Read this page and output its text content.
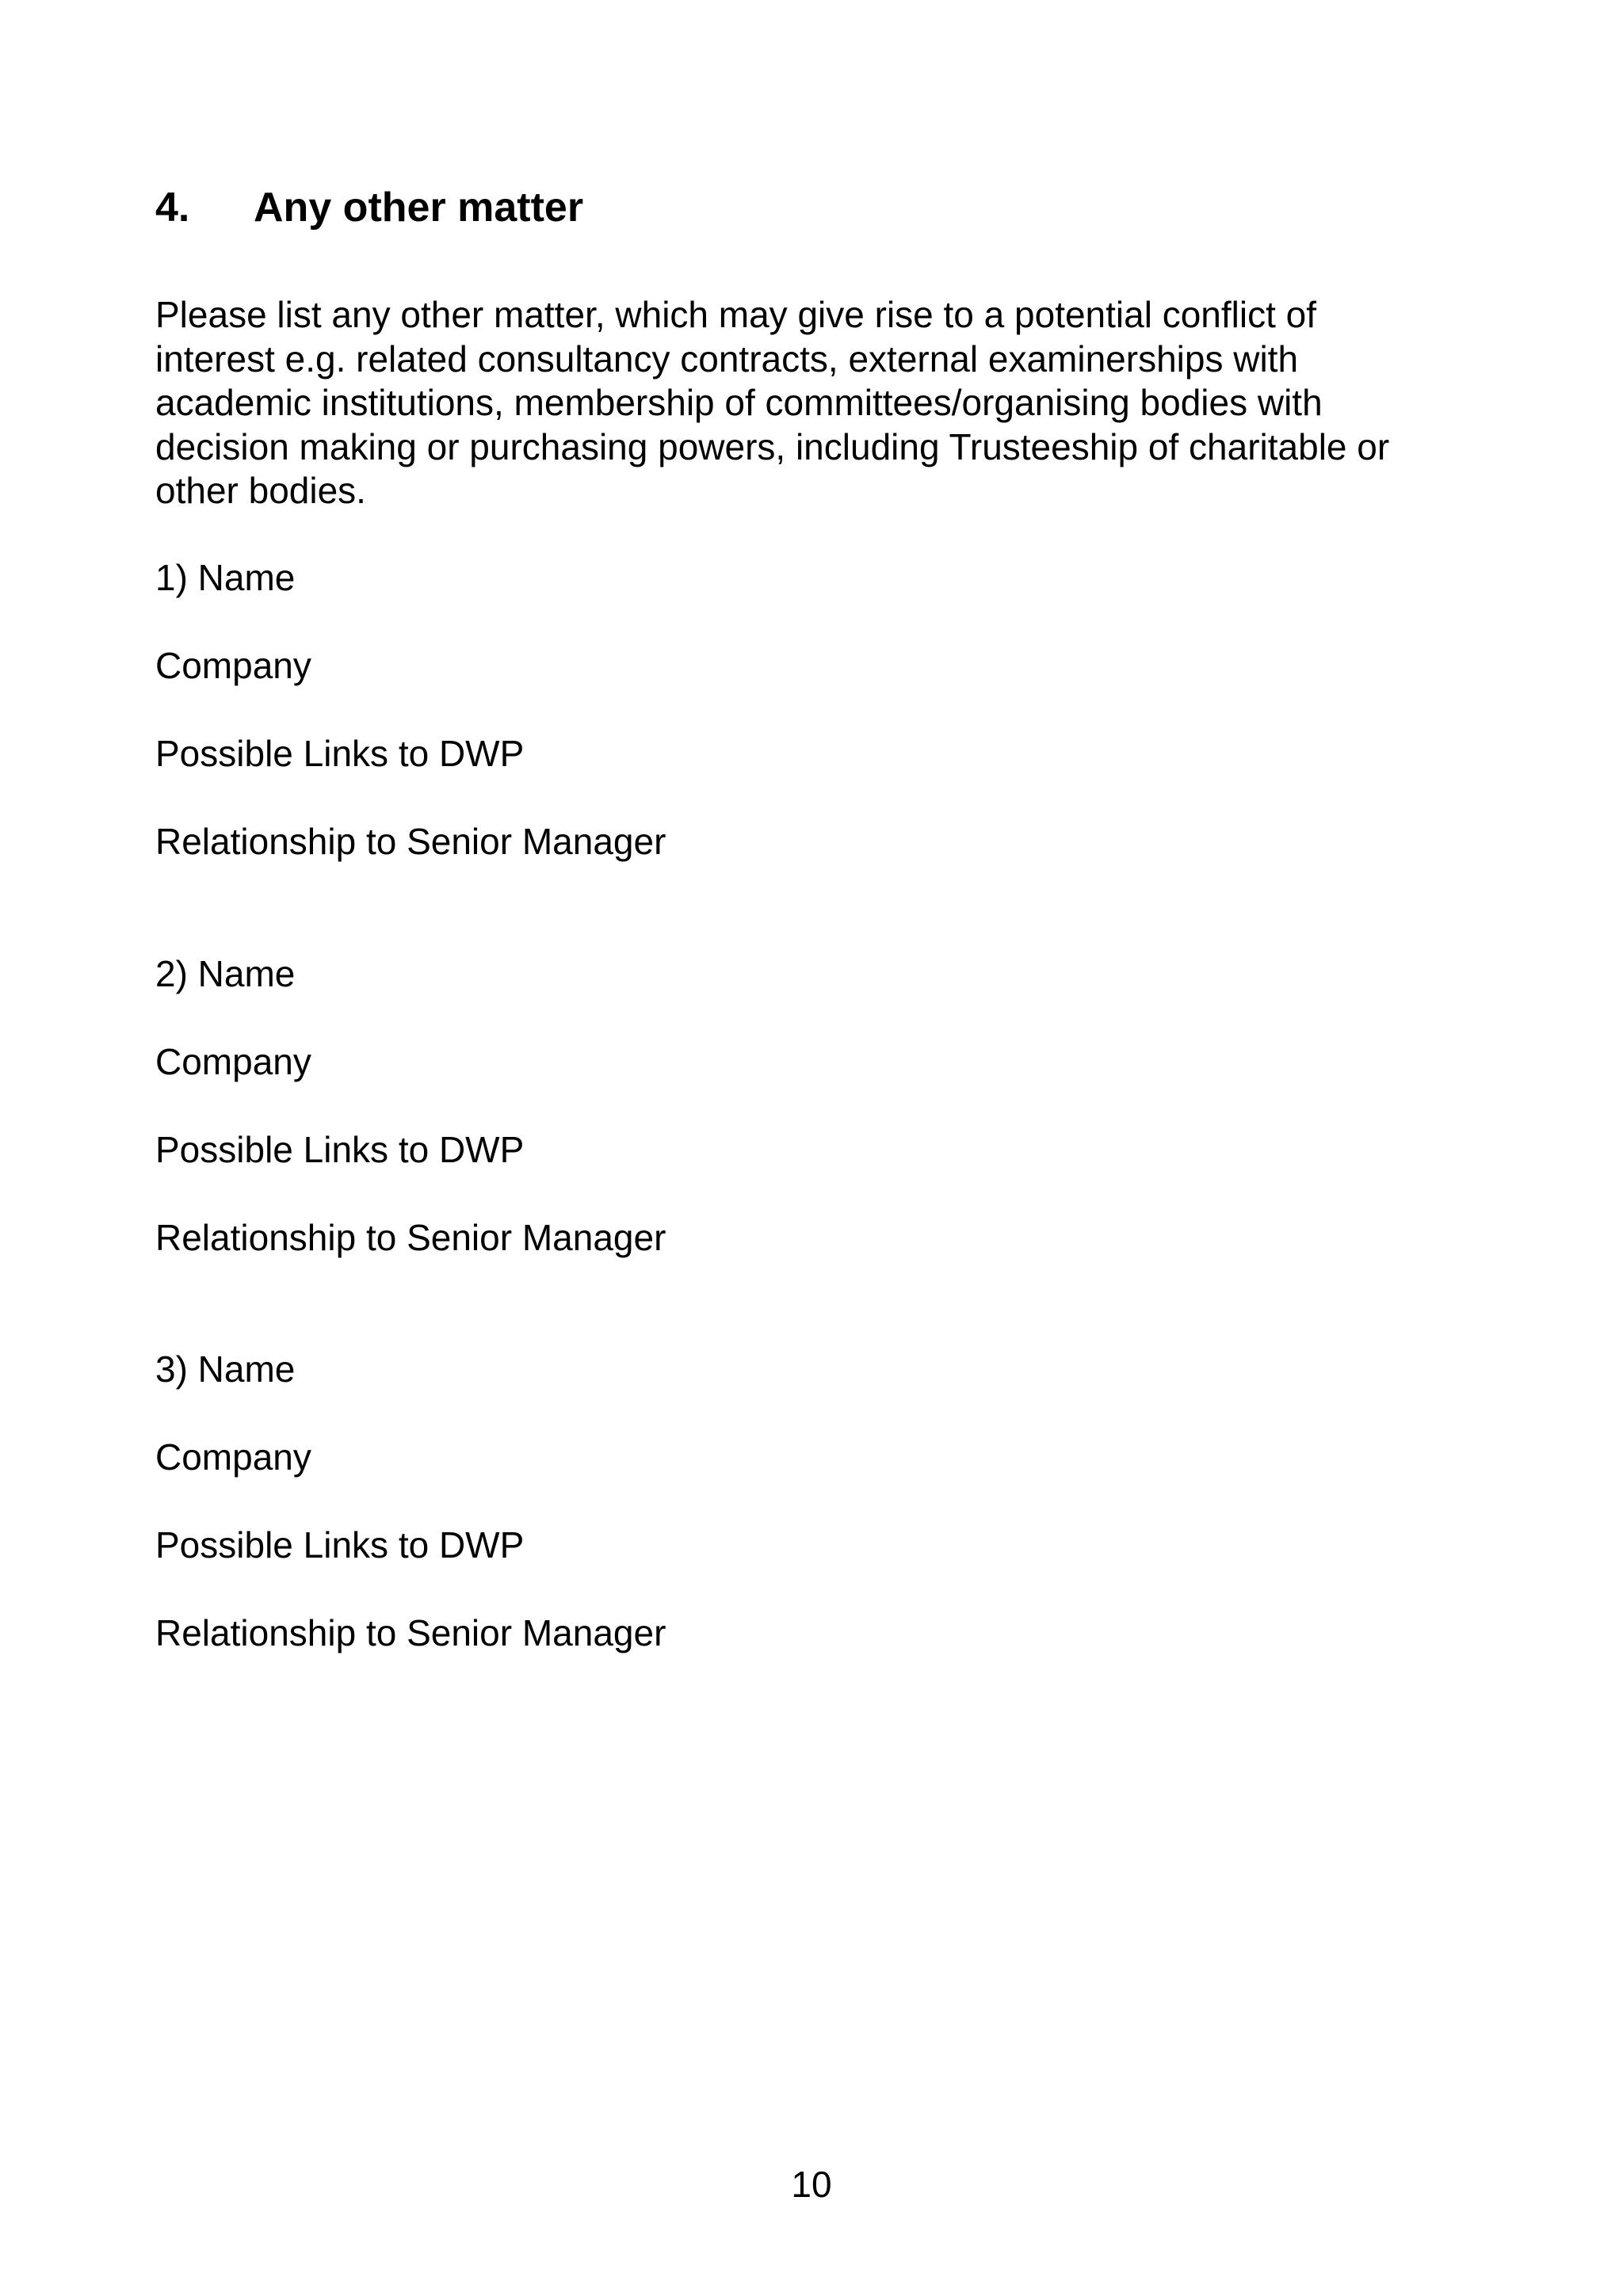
4. Any other matter

Please list any other matter, which may give rise to a potential conflict of
interest e.g. related consultancy contracts, external examinerships with
academic institutions, membership of committees/organising bodies with
decision making or purchasing powers, including Trusteeship of charitable or
other bodies.

1) Name
Company
Possible Links to DWP
Relationship to Senior Manager
2) Name
Company
Possible Links to DWP
Relationship to Senior Manager
3) Name
Company
Possible Links to DWP
Relationship to Senior Manager
10
